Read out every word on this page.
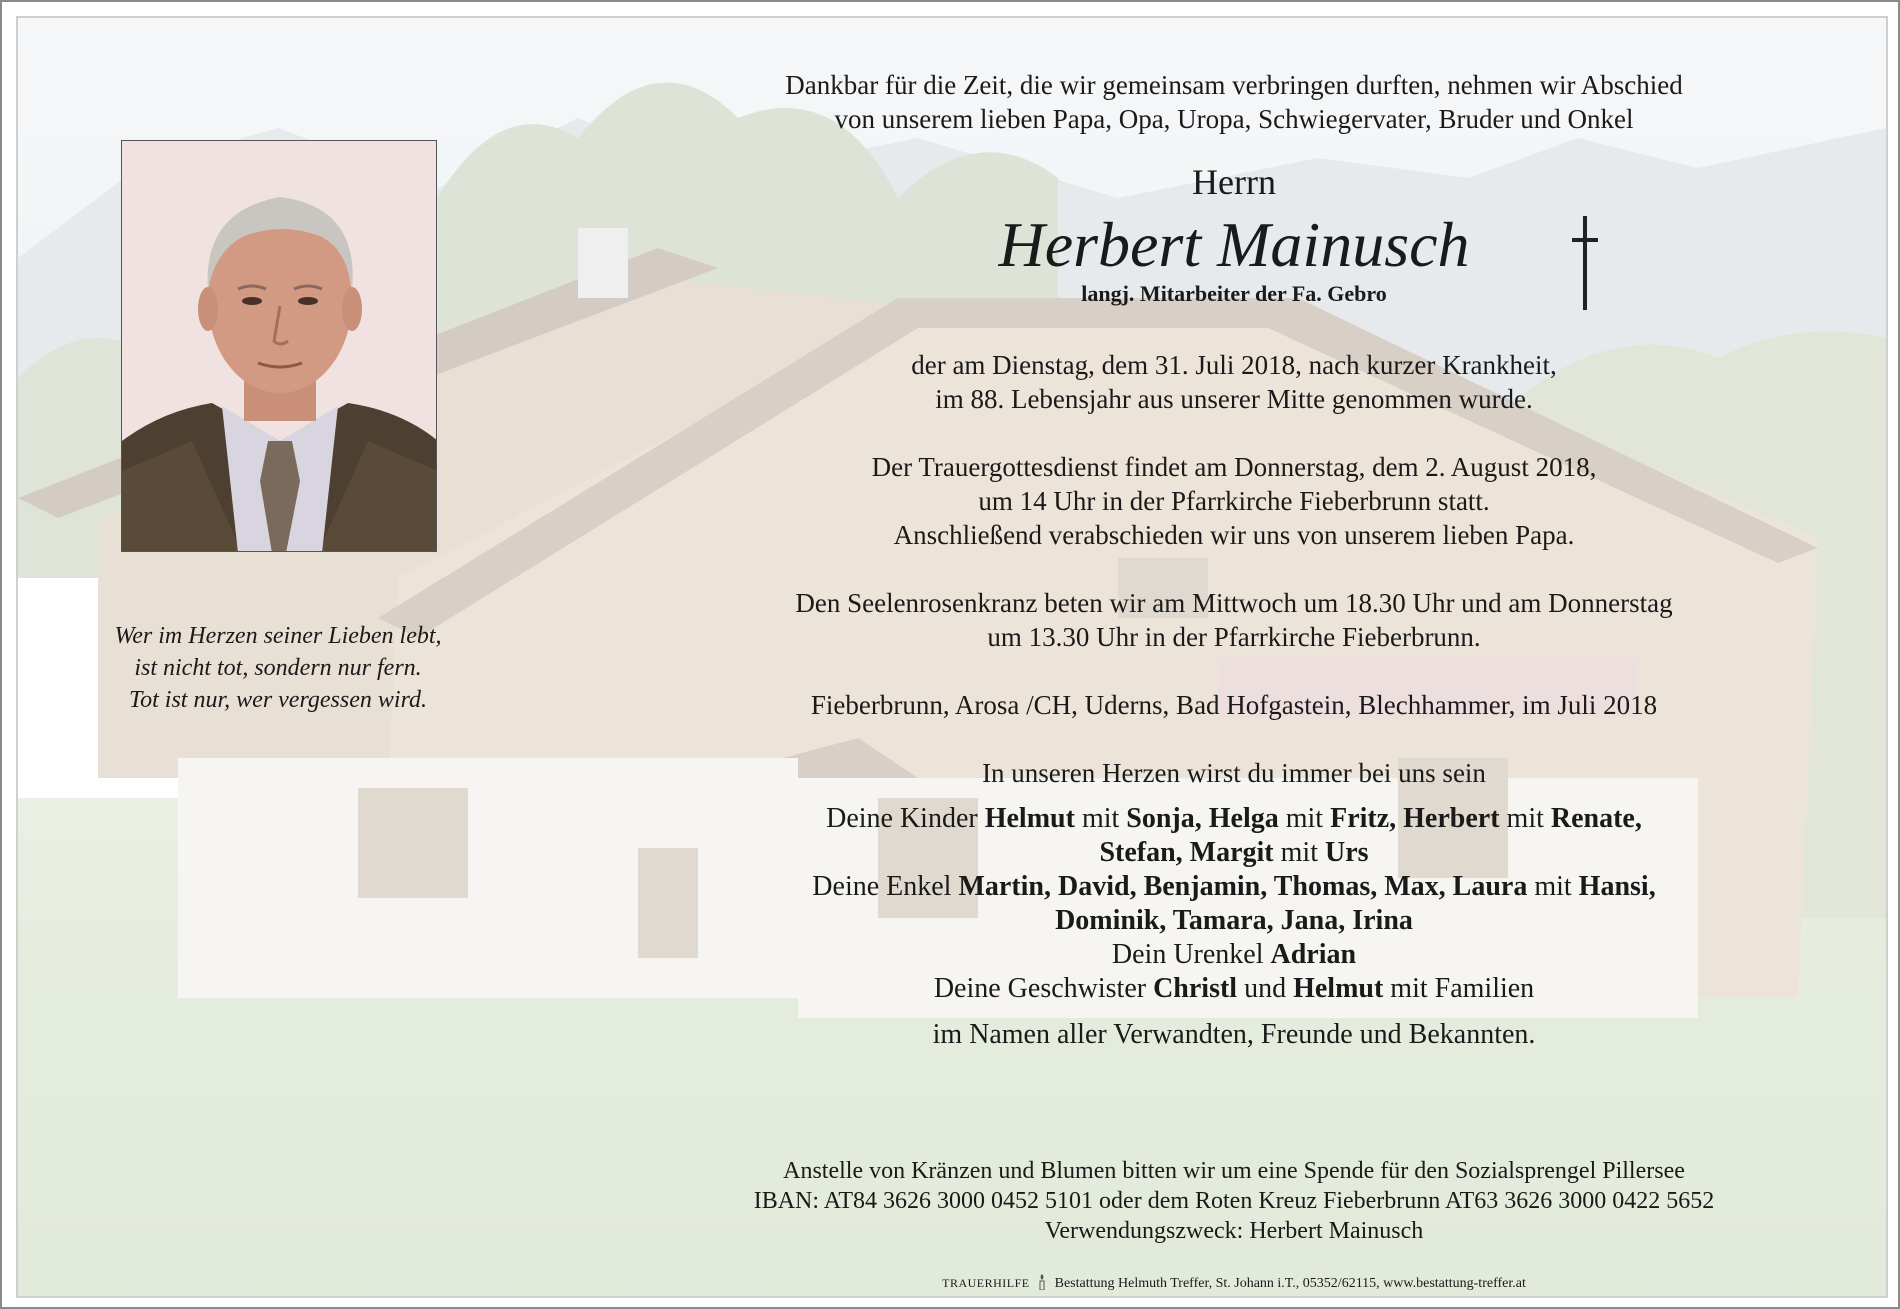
Wer im Herzen seiner Lieben lebt,
ist nicht tot, sondern nur fern.
Tot ist nur, wer vergessen wird.
Dankbar für die Zeit, die wir gemeinsam verbringen durften, nehmen wir Abschied
von unserem lieben Papa, Opa, Uropa, Schwiegervater, Bruder und Onkel
Herrn
Herbert Mainusch
langj. Mitarbeiter der Fa. Gebro
der am Dienstag, dem 31. Juli 2018, nach kurzer Krankheit,
im 88. Lebensjahr aus unserer Mitte genommen wurde.
Der Trauergottesdienst findet am Donnerstag, dem 2. August 2018,
um 14 Uhr in der Pfarrkirche Fieberbrunn statt.
Anschließend verabschieden wir uns von unserem lieben Papa.
Den Seelenrosenkranz beten wir am Mittwoch um 18.30 Uhr und am Donnerstag
um 13.30 Uhr in der Pfarrkirche Fieberbrunn.
Fieberbrunn, Arosa /CH, Uderns, Bad Hofgastein, Blechhammer, im Juli 2018
In unseren Herzen wirst du immer bei uns sein
Deine Kinder Helmut mit Sonja, Helga mit Fritz, Herbert mit Renate,
Stefan, Margit mit Urs
Deine Enkel Martin, David, Benjamin, Thomas, Max, Laura mit Hansi,
Dominik, Tamara, Jana, Irina
Dein Urenkel Adrian
Deine Geschwister Christl und Helmut mit Familien
im Namen aller Verwandten, Freunde und Bekannten.
Anstelle von Kränzen und Blumen bitten wir um eine Spende für den Sozialsprengel Pillersee
IBAN: AT84 3626 3000 0452 5101 oder dem Roten Kreuz Fieberbrunn AT63 3626 3000 0422 5652
Verwendungszweck: Herbert Mainusch
TRAUERHILFE Bestattung Helmuth Treffer, St. Johann i.T., 05352/62115, www.bestattung-treffer.at
